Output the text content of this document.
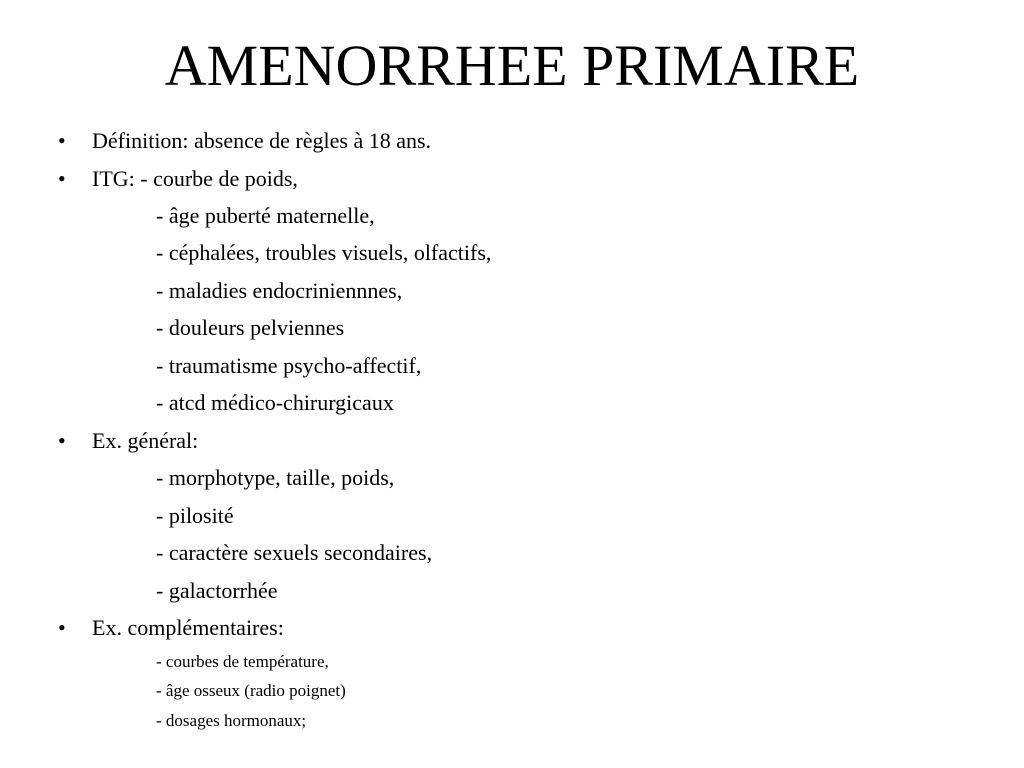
AMENORRHEE PRIMAIRE
• Définition: absence de règles à 18 ans.
• ITG: - courbe de poids,
- âge puberté maternelle,
- céphalées, troubles visuels, olfactifs,
- maladies endocriniennnes,
- douleurs pelviennes
- traumatisme psycho-affectif,
- atcd médico-chirurgicaux
• Ex. général:
- morphotype, taille, poids,
- pilosité
- caractère sexuels secondaires,
- galactorrhée
• Ex. complémentaires:
- courbes de température,
- âge osseux (radio poignet)
- dosages hormonaux;
